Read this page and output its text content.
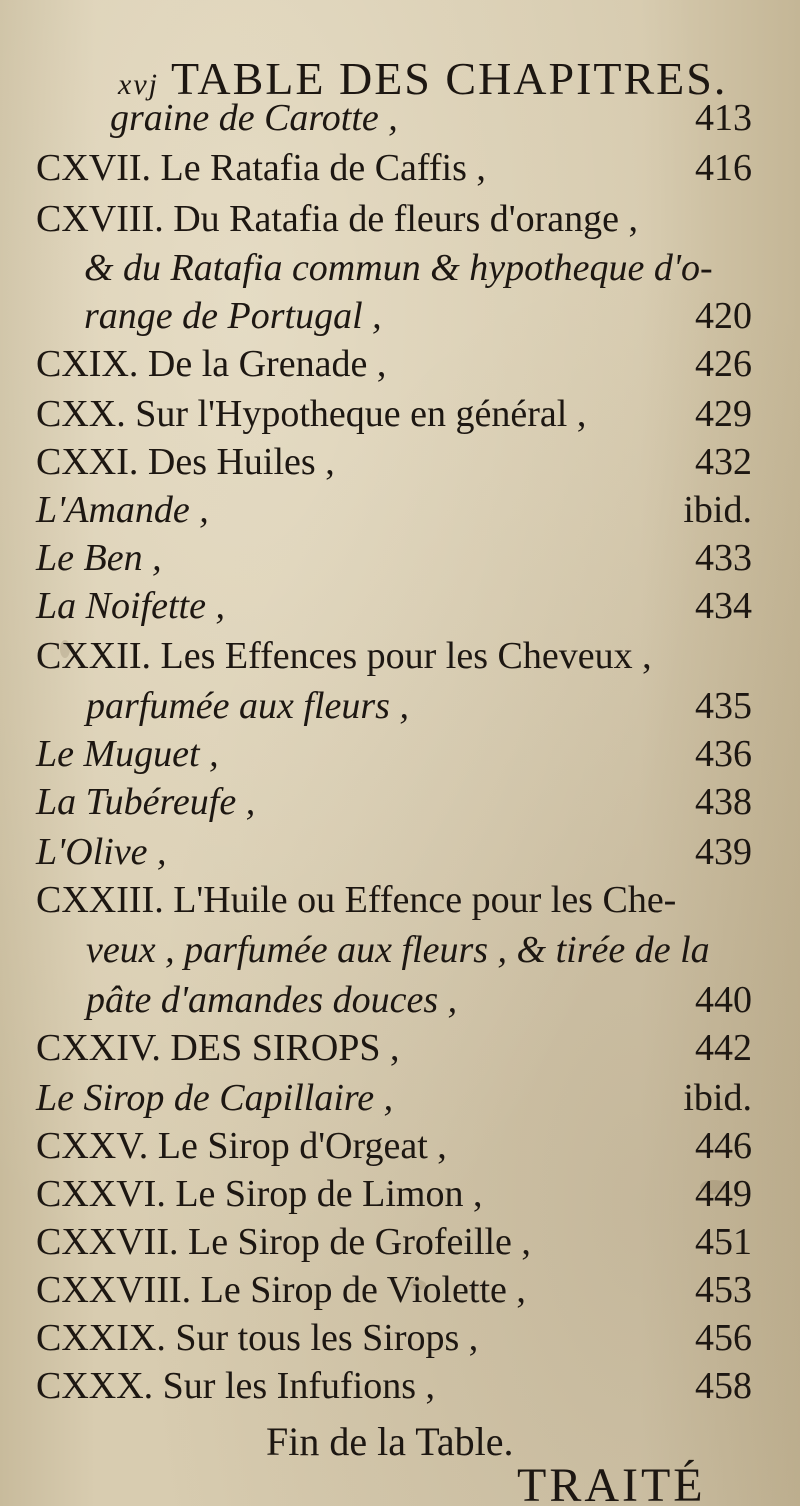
xvj TABLE DES CHAPITRES.
graine de Carotte ,	413
CXVII. Le Ratafia de Caffis ,	416
CXVIII. Du Ratafia de fleurs d'orange ,
& du Ratafia commun & hypotheque d'o-
range de Portugal ,	420
CXIX. De la Grenade ,	426
CXX. Sur l'Hypotheque en général ,	429
CXXI. Des Huiles ,	432
L'Amande ,	ibid.
Le Ben ,	433
La Noifette ,	434
CXXII. Les Effences pour les Cheveux ,
parfumée aux fleurs ,	435
Le Muguet ,	436
La Tubéreufe ,	438
L'Olive ,	439
CXXIII. L'Huile ou Effence pour les Che-
veux , parfumée aux fleurs , & tirée de la
pâte d'amandes douces ,	440
CXXIV. DES SIROPS ,	442
Le Sirop de Capillaire ,	ibid.
CXXV. Le Sirop d'Orgeat ,	446
CXXVI. Le Sirop de Limon ,	449
CXXVII. Le Sirop de Grofeille ,	451
CXXVIII. Le Sirop de Violette ,	453
CXXIX. Sur tous les Sirops ,	456
CXXX. Sur les Infufions ,	458
Fin de la Table.
TRAITÉ
